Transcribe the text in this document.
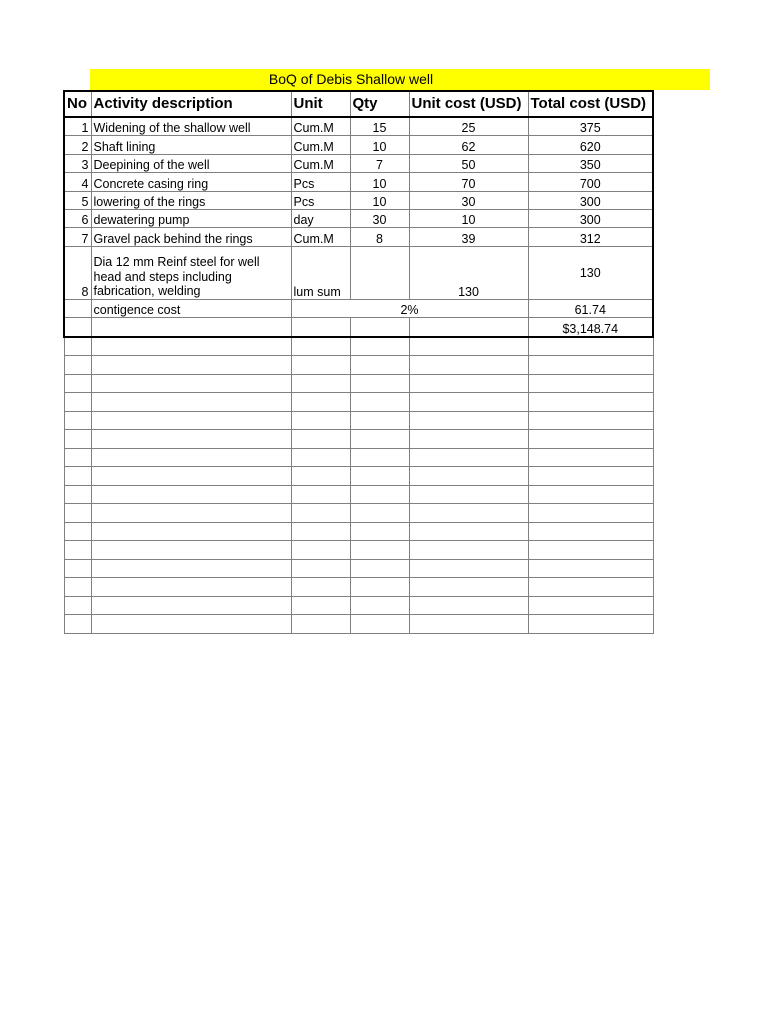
BoQ of Debis Shallow well
No	Activity description	Unit	Qty	Unit cost (USD)	Total cost (USD)
1	Widening of the shallow well	Cum.M	15	25	375
2	Shaft lining	Cum.M	10	62	620
3	Deepining of the well	Cum.M	7	50	350
4	Concrete casing ring	Pcs	10	70	700
5	lowering of the rings	Pcs	10	30	300
6	dewatering pump	day	30	10	300
7	Gravel pack behind the rings	Cum.M	8	39	312
8	Dia 12 mm Reinf steel for well head and steps including fabrication, welding	lum sum		130	130
	contigence cost	2%			61.74
					$3,148.74
